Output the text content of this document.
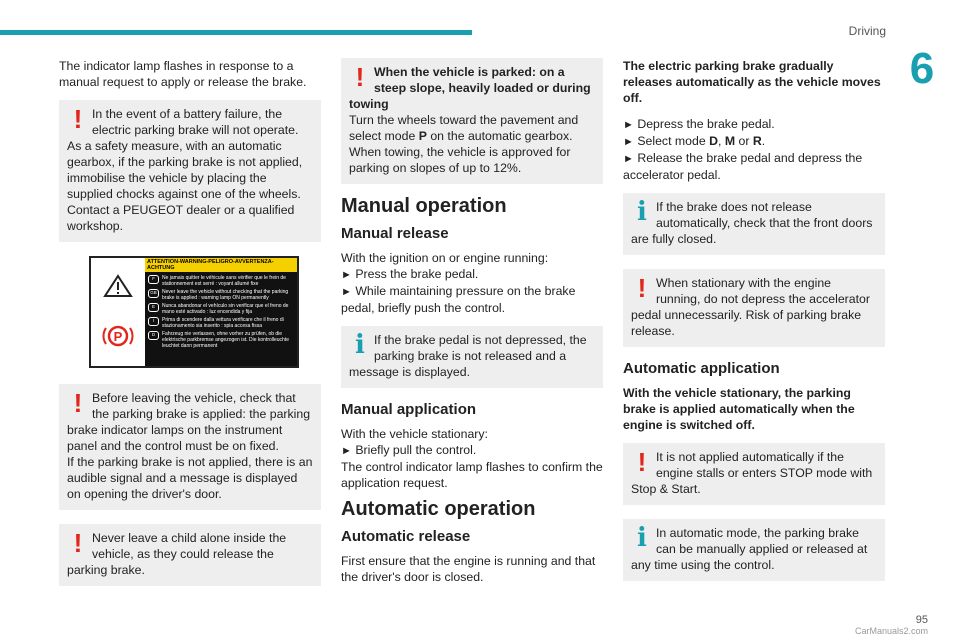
Driving
6

The indicator lamp flashes in response to a manual request to apply or release the brake.

! In the event of a battery failure, the electric parking brake will not operate.

As a safety measure, with an automatic gearbox, if the parking brake is not applied, immobilise the vehicle by placing the supplied chocks against one of the wheels.

Contact a PEUGEOT dealer or a qualified workshop.

P
ATTENTION-WARNING-PELIGRO-AVVERTENZA-ACHTUNG
F	Ne jamais quitter le véhicule sans vérifier que le frein de stationnement est serré : voyant allumé fixe
GB	Never leave the vehicle without checking that the parking brake is applied : warning lamp ON permanently
E	Nunca abandonar el vehículo sin verificar que el freno de mano esté activado : luz encendida y fija
I	Prima di scendere dalla vettura verificare che il freno di stazionamento sia inserito : spia accesa fissa
D	Fahrzeug nie verlassen, ohne vorher zu prüfen, ob die elektrische parkbremse angezogen ist. Die kontrolleuchte leuchtet dann permanent
! Before leaving the vehicle, check that the parking brake is applied: the parking brake indicator lamps on the instrument panel and the control must be on fixed.

If the parking brake is not applied, there is an audible signal and a message is displayed on opening the driver's door.

! Never leave a child alone inside the vehicle, as they could release the parking brake.

! When the vehicle is parked: on a steep slope, heavily loaded or during towing

Turn the wheels toward the pavement and select mode P on the automatic gearbox.

When towing, the vehicle is approved for parking on slopes of up to 12%.

Manual operation
Manual release

With the ignition on or engine running:

► Press the brake pedal.

► While maintaining pressure on the brake pedal, briefly push the control.

i If the brake pedal is not depressed, the parking brake is not released and a message is displayed.

Manual application

With the vehicle stationary:

► Briefly pull the control.

The control indicator lamp flashes to confirm the application request.

Automatic operation
Automatic release

First ensure that the engine is running and that the driver's door is closed.

The electric parking brake gradually releases automatically as the vehicle moves off.

► Depress the brake pedal.

► Select mode D, M or R.

► Release the brake pedal and depress the accelerator pedal.

i If the brake does not release automatically, check that the front doors are fully closed.

! When stationary with the engine running, do not depress the accelerator pedal unnecessarily. Risk of parking brake release.

Automatic application

With the vehicle stationary, the parking brake is applied automatically when the engine is switched off.

! It is not applied automatically if the engine stalls or enters STOP mode with Stop & Start.

i In automatic mode, the parking brake can be manually applied or released at any time using the control.

95
CarManuals2.com
